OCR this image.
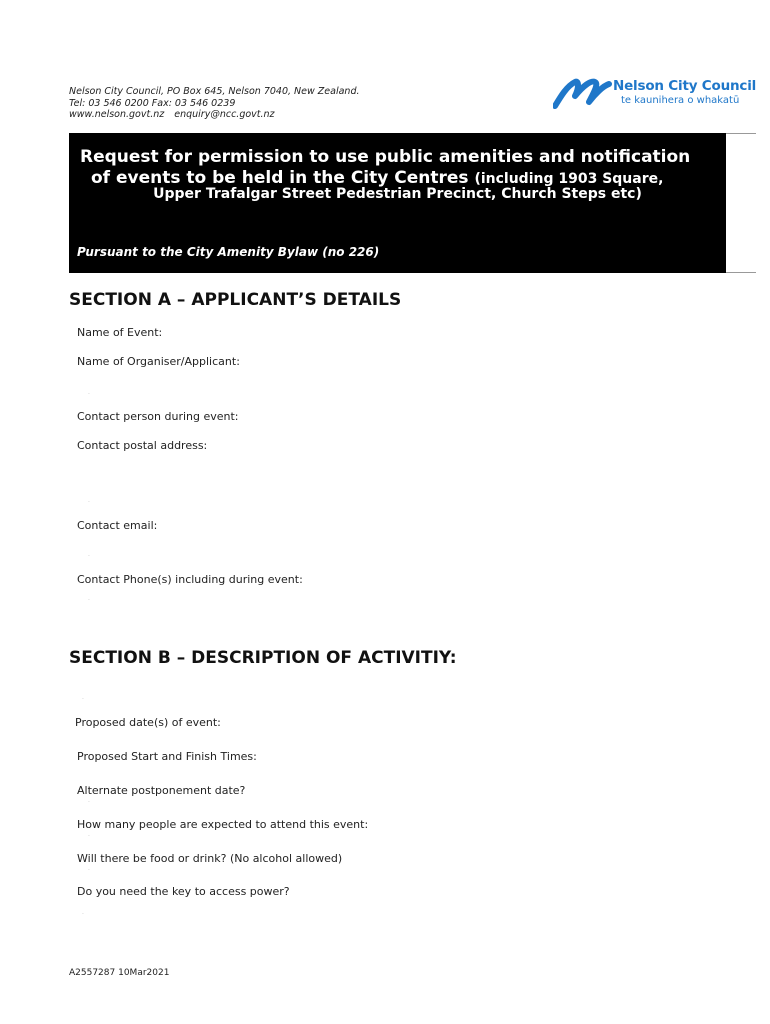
Nelson City Council, PO Box 645, Nelson 7040, New Zealand.
Tel: 03 546 0200 Fax: 03 546 0239
www.nelson.govt.nz enquiry@ncc.govt.nz
Nelson City Council
te kaunihera o whakatū
Request for permission to use public amenities and notification
of events to be held in the City Centres (including 1903 Square,
Upper Trafalgar Street Pedestrian Precinct, Church Steps etc)
Pursuant to the City Amenity Bylaw (no 226)
SECTION A – APPLICANT’S DETAILS
Name of Event:
Name of Organiser/Applicant:
·
Contact person during event:
Contact postal address:
·
Contact email:
·
Contact Phone(s) including during event:
·
SECTION B – DESCRIPTION OF ACTIVITIY:
·
Proposed date(s) of event:
Proposed Start and Finish Times:
Alternate postponement date?
·
How many people are expected to attend this event:
·
Will there be food or drink? (No alcohol allowed)
·
Do you need the key to access power?
·
A2557287 10Mar2021
